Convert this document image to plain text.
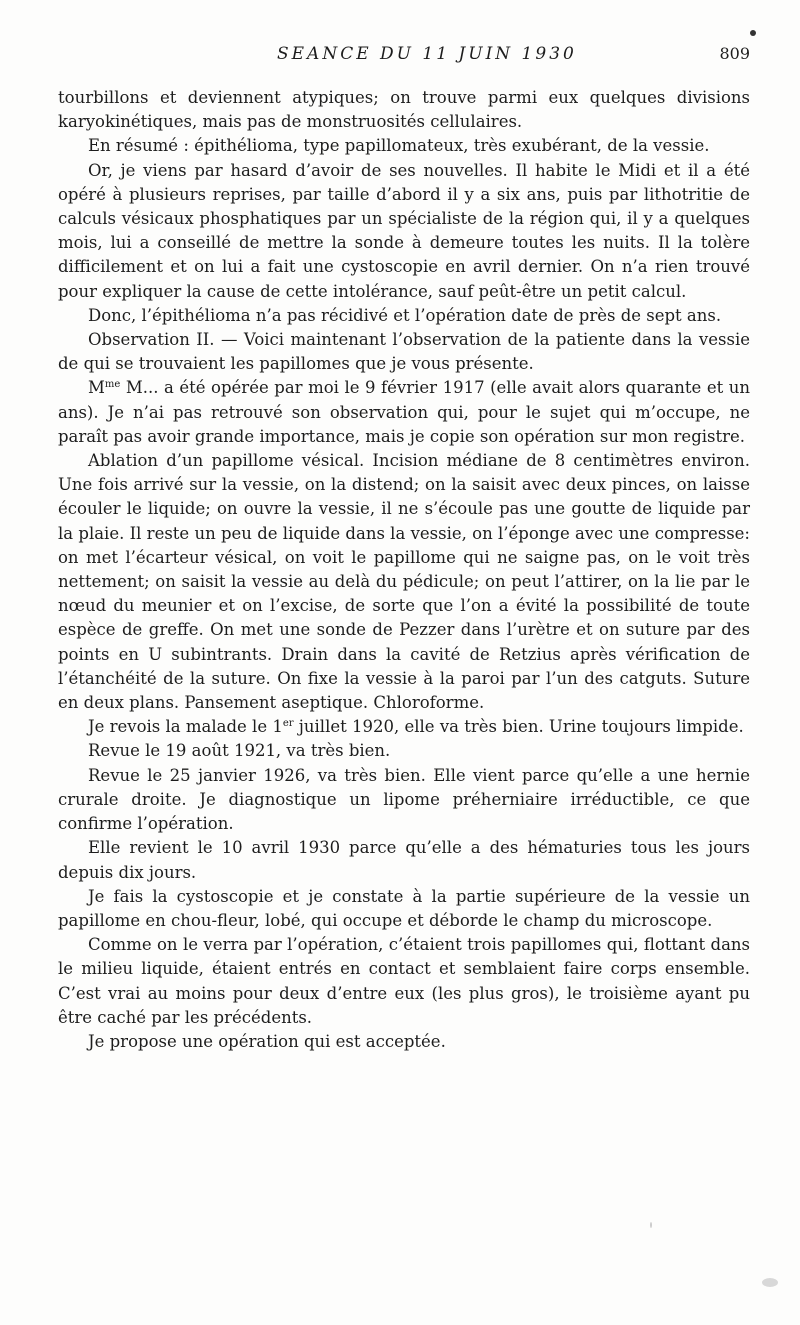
SEANCE DU 11 JUIN 1930	809

tourbillons et deviennent atypiques; on trouve parmi eux quelques divisions karyokinétiques, mais pas de monstruosités cellulaires.

En résumé : épithélioma, type papillomateux, très exubérant, de la vessie.

Or, je viens par hasard d’avoir de ses nouvelles. Il habite le Midi et il a été opéré à plusieurs reprises, par taille d’abord il y a six ans, puis par lithotritie de calculs vésicaux phosphatiques par un spécialiste de la région qui, il y a quelques mois, lui a conseillé de mettre la sonde à demeure toutes les nuits. Il la tolère difficilement et on lui a fait une cystoscopie en avril dernier. On n’a rien trouvé pour expliquer la cause de cette intolérance, sauf peût-être un petit calcul.

Donc, l’épithélioma n’a pas récidivé et l’opération date de près de sept ans.

Observation II. — Voici maintenant l’observation de la patiente dans la vessie de qui se trouvaient les papillomes que je vous présente.

$M^{me}$ M... a été opérée par moi le 9 février 1917 (elle avait alors quarante et un ans). Je n’ai pas retrouvé son observation qui, pour le sujet qui m’occupe, ne paraît pas avoir grande importance, mais je copie son opération sur mon registre.

Ablation d’un papillome vésical. Incision médiane de 8 centimètres environ. Une fois arrivé sur la vessie, on la distend; on la saisit avec deux pinces, on laisse écouler le liquide; on ouvre la vessie, il ne s’écoule pas une goutte de liquide par la plaie. Il reste un peu de liquide dans la vessie, on l’éponge avec une compresse: on met l’écarteur vésical, on voit le papillome qui ne saigne pas, on le voit très nettement; on saisit la vessie au delà du pédicule; on peut l’attirer, on la lie par le nœud du meunier et on l’excise, de sorte que l’on a évité la possibilité de toute espèce de greffe. On met une sonde de Pezzer dans l’urètre et on suture par des points en U subintrants. Drain dans la cavité de Retzius après vérification de l’étanchéité de la suture. On fixe la vessie à la paroi par l’un des catguts. Suture en deux plans. Pansement aseptique. Chloroforme.

Je revois la malade le 1er juillet 1920, elle va très bien. Urine toujours limpide.

Revue le 19 août 1921, va très bien.

Revue le 25 janvier 1926, va très bien. Elle vient parce qu’elle a une hernie crurale droite. Je diagnostique un lipome préherniaire irréductible, ce que confirme l’opération.

Elle revient le 10 avril 1930 parce qu’elle a des hématuries tous les jours depuis dix jours.

Je fais la cystoscopie et je constate à la partie supérieure de la vessie un papillome en chou-fleur, lobé, qui occupe et déborde le champ du microscope.

Comme on le verra par l’opération, c’étaient trois papillomes qui, flottant dans le milieu liquide, étaient entrés en contact et semblaient faire corps ensemble. C’est vrai au moins pour deux d’entre eux (les plus gros), le troisième ayant pu être caché par les précédents.

Je propose une opération qui est acceptée.
